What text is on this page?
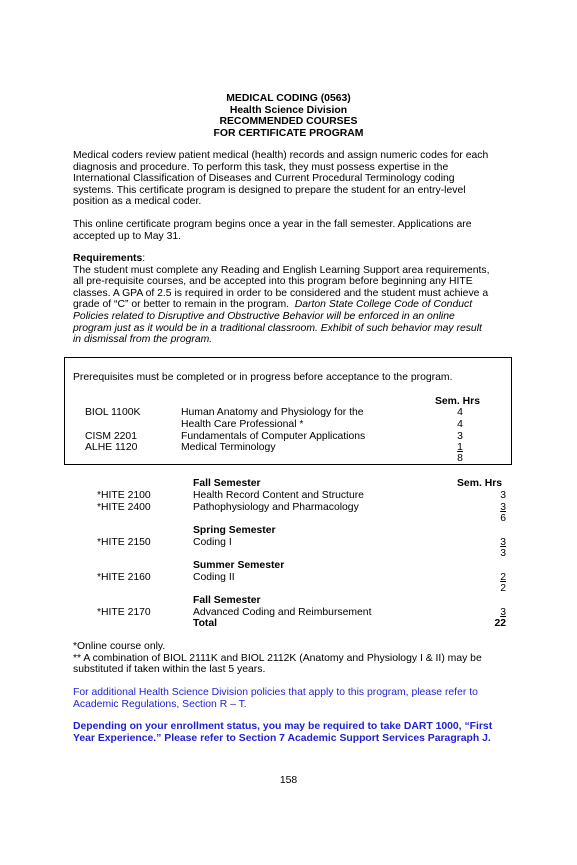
MEDICAL CODING (0563)
Health Science Division
RECOMMENDED COURSES
FOR CERTIFICATE PROGRAM

Medical coders review patient medical (health) records and assign numeric codes for each

diagnosis and procedure. To perform this task, they must possess expertise in the

International Classification of Diseases and Current Procedural Terminology coding

systems. This certificate program is designed to prepare the student for an entry-level

position as a medical coder.

This online certificate program begins once a year in the fall semester. Applications are

accepted up to May 31.

Requirements:

The student must complete any Reading and English Learning Support area requirements,

all pre-requisite courses, and be accepted into this program before beginning any HITE

classes. A GPA of 2.5 is required in order to be considered and the student must achieve a

grade of “C” or better to remain in the program.  Darton State College Code of Conduct

Policies related to Disruptive and Obstructive Behavior will be enforced in an online

program just as it would be in a traditional classroom. Exhibit of such behavior may result

in dismissal from the program.

Prerequisites must be completed or in progress before acceptance to the program.
Sem. Hrs
BIOL 1100K	Human Anatomy and Physiology for the	4
Health Care Professional *	4
CISM 2201	Fundamentals of Computer Applications	3
ALHE 1120	Medical Terminology	1
8
Fall Semester	Sem. Hrs
*HITE 2100	Health Record Content and Structure	3
*HITE 2400	Pathophysiology and Pharmacology	3
6
Spring Semester
*HITE 2150	Coding I	3
3
Summer Semester
*HITE 2160	Coding II	2
2
Fall Semester
*HITE 2170	Advanced Coding and Reimbursement	3
Total	22
*Online course only.
** A combination of BIOL 2111K and BIOL 2112K (Anatomy and Physiology I & II) may be
substituted if taken within the last 5 years.
For additional Health Science Division policies that apply to this program, please refer to
Academic Regulations, Section R – T.
Depending on your enrollment status, you may be required to take DART 1000, “First
Year Experience.” Please refer to Section 7 Academic Support Services Paragraph J.
158
